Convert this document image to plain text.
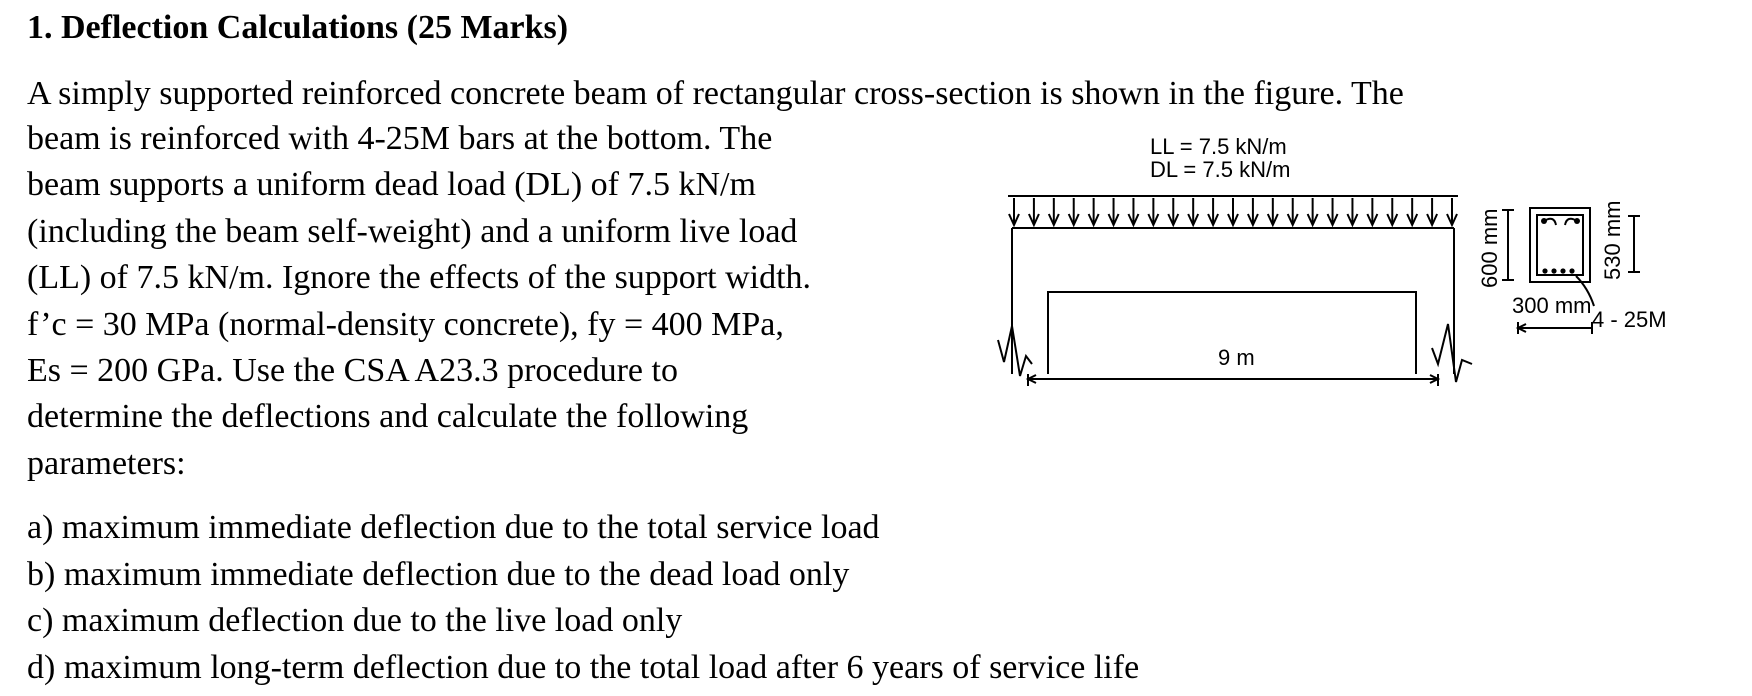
1. Deflection Calculations (25 Marks)
A simply supported reinforced concrete beam of rectangular cross-section is shown in the figure. The
beam is reinforced with 4-25M bars at the bottom. The
beam supports a uniform dead load (DL) of 7.5 kN/m
(including the beam self-weight) and a uniform live load
(LL) of 7.5 kN/m. Ignore the effects of the support width.
f’c = 30 MPa (normal-density concrete), fy = 400 MPa,
Es = 200 GPa. Use the CSA A23.3 procedure to
determine the deflections and calculate the following
parameters:
a) maximum immediate deflection due to the total service load
b) maximum immediate deflection due to the dead load only
c) maximum deflection due to the live load only
d) maximum long-term deflection due to the total load after 6 years of service life
LL = 7.5 kN/m
DL = 7.5 kN/m
9 m
600 mm	530 mm
300 mm
4 - 25M
